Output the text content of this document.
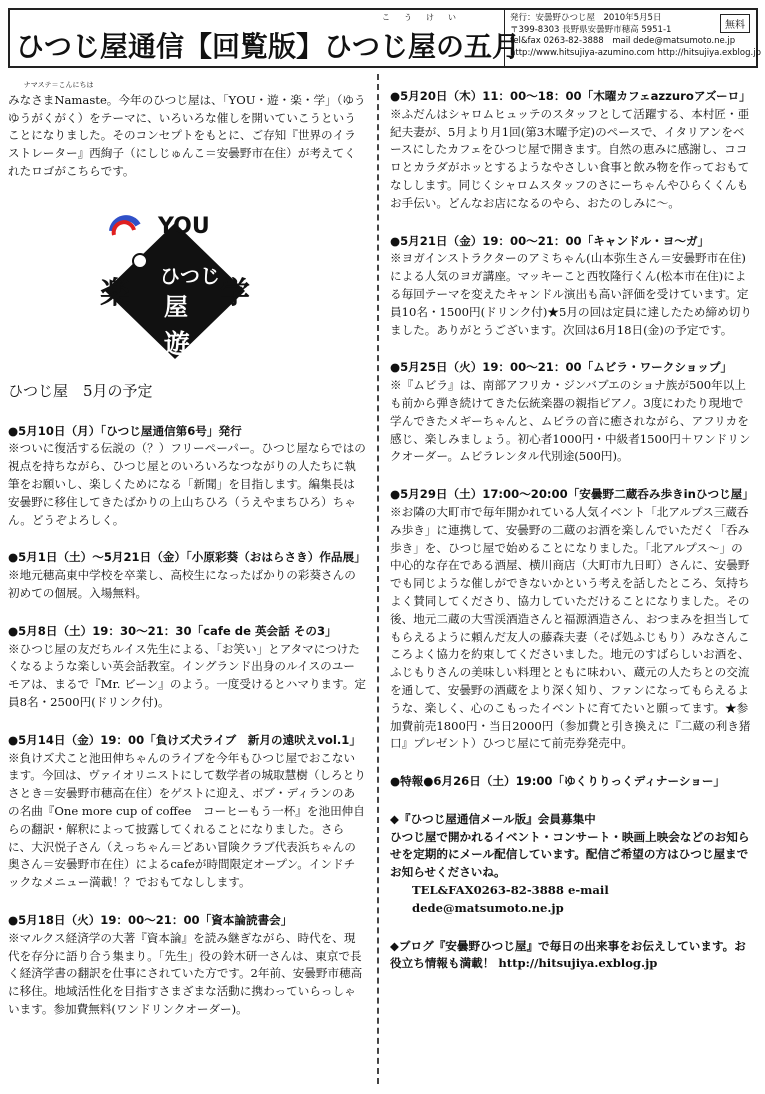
こうけい
ひつじ屋通信【回覧版】ひつじ屋の五月
発行：安曇野ひつじ屋　2010年5月5日
〒399-8303 長野県安曇野市穂高 5951-1
tel&fax 0263-82-3888　mail dede@matsumoto.ne.jp
http://www.hitsujiya-azumino.com http://hitsujiya.exblog.jp
無料

$^{ナマステ=こんにちは}$
みなさまNamaste。今年のひつじ屋は、「YOU・遊・楽・学」（ゆうゆうがくがく）をテーマに、いろいろな催しを開いていこうということになりました。そのコンセプトをもとに、ご存知『世界のイラストレーター』西絢子（にしじゅんこ＝安曇野市在住）が考えてくれたロゴがこちらです。

YOU
楽	学
ひつじ
屋
遊
ひつじ屋　5月の予定
●5月10日（月）「ひつじ屋通信第6号」発行
※ついに復活する伝説の（？）フリーペーパー。ひつじ屋ならではの視点を持ちながら、ひつじ屋とのいろいろなつながりの人たちに執筆をお願いし、楽しくためになる「新聞」を目指します。編集長は安曇野に移住してきたばかりの上山ちひろ（うえやまちひろ）ちゃん。どうぞよろしく。
●5月1日（土）～5月21日（金）「小原彩葵（おはらさき）作品展」
※地元穂高東中学校を卒業し、高校生になったばかりの彩葵さんの初めての個展。入場無料。
●5月8日（土）19：30～21：30「cafe de 英会話 その3」
※ひつじ屋の友だちルイス先生による、「お笑い」とアタマにつけたくなるような楽しい英会話教室。イングランド出身のルイスのユーモアは、まるで『Mr. ビーン』のよう。一度受けるとハマります。定員8名・2500円(ドリンク付)。
●5月14日（金）19：00「負けズ犬ライブ　新月の遠吠えvol.1」
※負けズ犬こと池田伸ちゃんのライブを今年もひつじ屋でおこないます。今回は、ヴァイオリニストにして数学者の城取慧樹（しろとりさとき＝安曇野市穂高在住）をゲストに迎え、ボブ・ディランのあの名曲『One more cup of coffee　コーヒーもう一杯』を池田伸自らの翻訳・解釈によって披露してくれることになりました。さらに、大沢悦子さん（えっちゃん＝どあい冒険クラブ代表浜ちゃんの奥さん＝安曇野市在住）によるcafeが時間限定オープン。インドチックなメニュー満載！？でおもてなしします。
●5月18日（火）19：00～21：00「資本論読書会」
※マルクス経済学の大著『資本論』を読み継ぎながら、時代を、現代を存分に語り合う集まり。「先生」役の鈴木研一さんは、東京で長く経済学書の翻訳を仕事にされていた方です。2年前、安曇野市穂高に移住。地域活性化を目指すさまざまな活動に携わっていらっしゃいます。参加費無料(ワンドリンクオーダー)。
●5月20日（木）11：00～18：00「木曜カフェazzuroアズーロ」
※ふだんはシャロムヒュッテのスタッフとして活躍する、本村匠・亜紀夫妻が、5月より月1回(第3木曜予定)のペースで、イタリアンをベースにしたカフェをひつじ屋で開きます。自然の恵みに感謝し、ココロとカラダがホッとするようなやさしい食事と飲み物を作っておもてなしします。同じくシャロムスタッフのさにーちゃんやひらくくんもお手伝い。どんなお店になるのやら、おたのしみに～。
●5月21日（金）19：00～21：00「キャンドル・ヨ～ガ」
※ヨガインストラクターのアミちゃん(山本弥生さん＝安曇野市在住)による人気のヨガ講座。マッキーこと西牧隆行くん(松本市在住)による毎回テーマを変えたキャンドル演出も高い評価を受けています。定員10名・1500円(ドリンク付)★5月の回は定員に達したため締め切りました。ありがとうございます。次回は6月18日(金)の予定です。
●5月25日（火）19：00～21：00「ムビラ・ワークショップ」
※『ムビラ』は、南部アフリカ・ジンバブエのショナ族が500年以上も前から弾き続けてきた伝統楽器の親指ピアノ。3度にわたり現地で学んできたメギーちゃんと、ムビラの音に癒されながら、アフリカを感じ、楽しみましょう。初心者1000円・中級者1500円＋ワンドリンクオーダー。ムビラレンタル代別途(500円)。
●5月29日（土）17:00～20:00「安曇野二蔵呑み歩きinひつじ屋」
※お隣の大町市で毎年開かれている人気イベント「北アルプス三蔵呑み歩き」に連携して、安曇野の二蔵のお酒を楽しんでいただく「呑み歩き」を、ひつじ屋で始めることになりました。「北アルプス～」の中心的な存在である酒屋、横川商店（大町市九日町）さんに、安曇野でも同じような催しができないかという考えを話したところ、気持ちよく賛同してくださり、協力していただけることになりました。その後、地元二蔵の大雪渓酒造さんと福源酒造さん、おつまみを担当してもらえるように頼んだ友人の藤森夫妻（そば処ふじもり）みなさんこころよく協力を約束してくださいました。地元のすばらしいお酒を、ふじもりさんの美味しい料理とともに味わい、蔵元の人たちとの交流を通して、安曇野の酒蔵をより深く知り、ファンになってもらえるような、楽しく、心のこもったイベントに育てたいと願ってます。★参加費前売1800円・当日2000円（参加費と引き換えに『二蔵の利き猪口』プレゼント）ひつじ屋にて前売券発売中。
●特報●6月26日（土）19:00「ゆくりりっくディナーショー」
◆『ひつじ屋通信メール版』会員募集中
ひつじ屋で開かれるイベント・コンサート・映画上映会などのお知らせを定期的にメール配信しています。配信ご希望の方はひつじ屋までお知らせくださいね。
TEL&FAX0263-82-3888 e-mail dede@matsumoto.ne.jp
◆ブログ『安曇野ひつじ屋』で毎日の出来事をお伝えしています。お役立ち情報も満載！ http://hitsujiya.exblog.jp
